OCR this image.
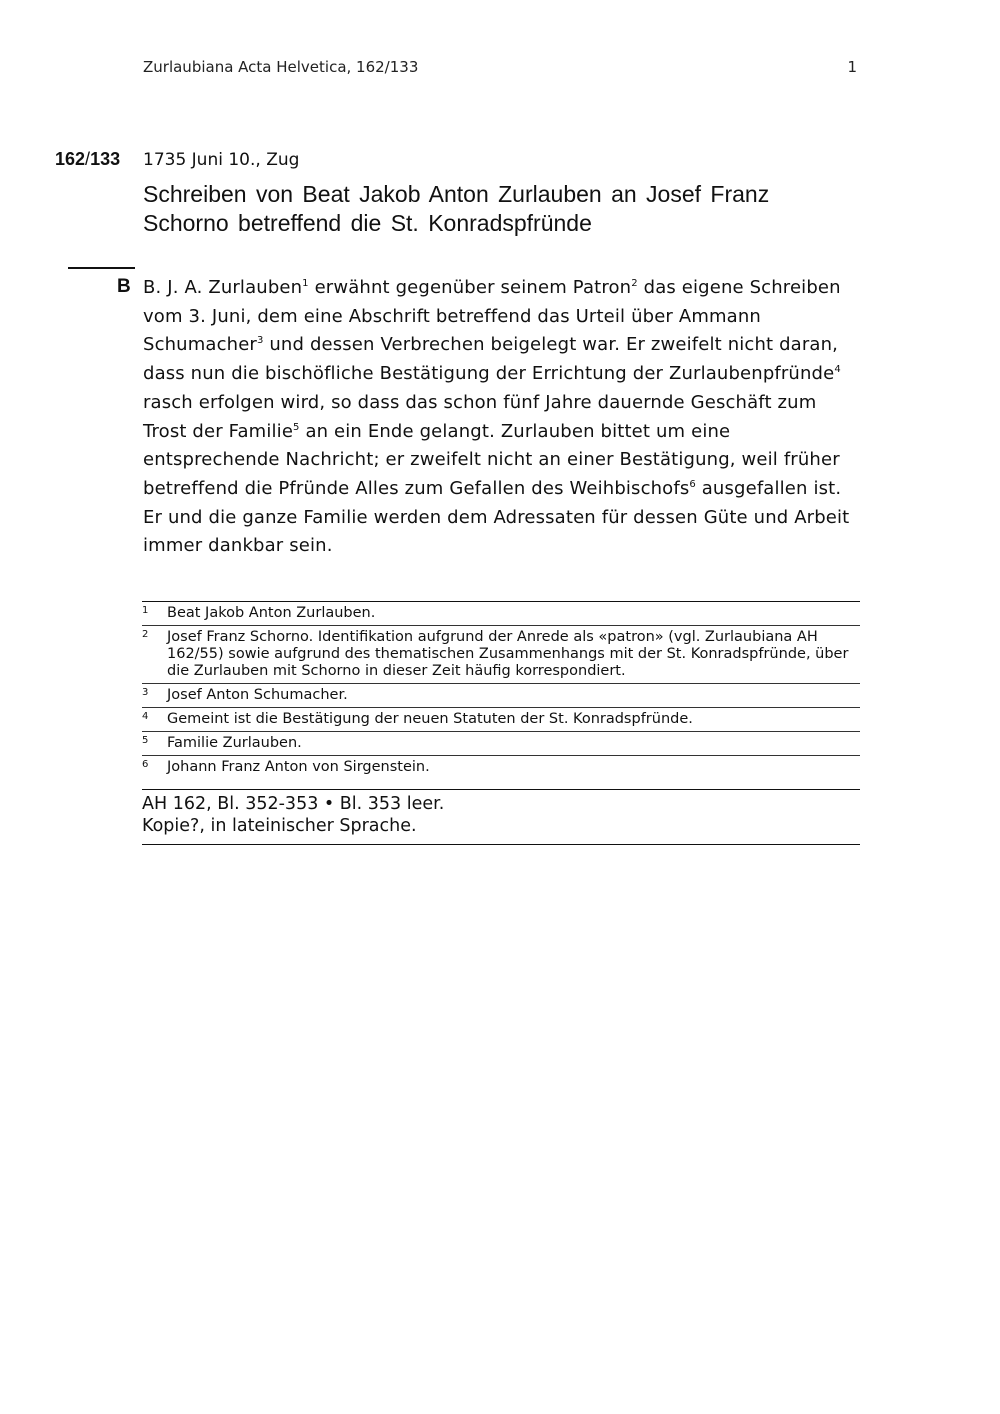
Zurlaubiana Acta Helvetica, 162/133	1
162/133 1735 Juni 10., Zug
Schreiben von Beat Jakob Anton Zurlauben an Josef Franz Schorno betreffend die St. Konradspfründe
B B. J. A. Zurlauben$^1$ erwähnt gegenüber seinem Patron$^2$ das eigene Schreiben vom 3. Juni, dem eine Abschrift betreffend das Urteil über Ammann Schumacher$^3$ und dessen Verbrechen beigelegt war. Er zweifelt nicht daran, dass nun die bischöfliche Bestätigung der Errichtung der Zurlaubenpfründe$^4$ rasch erfolgen wird, so dass das schon fünf Jahre dauernde Geschäft zum Trost der Familie$^5$ an ein Ende gelangt. Zurlauben bittet um eine entsprechende Nachricht; er zweifelt nicht an einer Bestätigung, weil früher betreffend die Pfründe Alles zum Gefallen des Weihbischofs$^6$ ausgefallen ist. Er und die ganze Familie werden dem Adressaten für dessen Güte und Arbeit immer dankbar sein.
1 Beat Jakob Anton Zurlauben.
2 Josef Franz Schorno. Identifikation aufgrund der Anrede als «patron» (vgl. Zurlaubiana AH 162/55) sowie aufgrund des thematischen Zusammenhangs mit der St. Konradspfründe, über die Zurlauben mit Schorno in dieser Zeit häufig korrespondiert.
3 Josef Anton Schumacher.
4 Gemeint ist die Bestätigung der neuen Statuten der St. Konradspfründe.
5 Familie Zurlauben.
6 Johann Franz Anton von Sirgenstein.
AH 162, Bl. 352-353 • Bl. 353 leer.
Kopie?, in lateinischer Sprache.
